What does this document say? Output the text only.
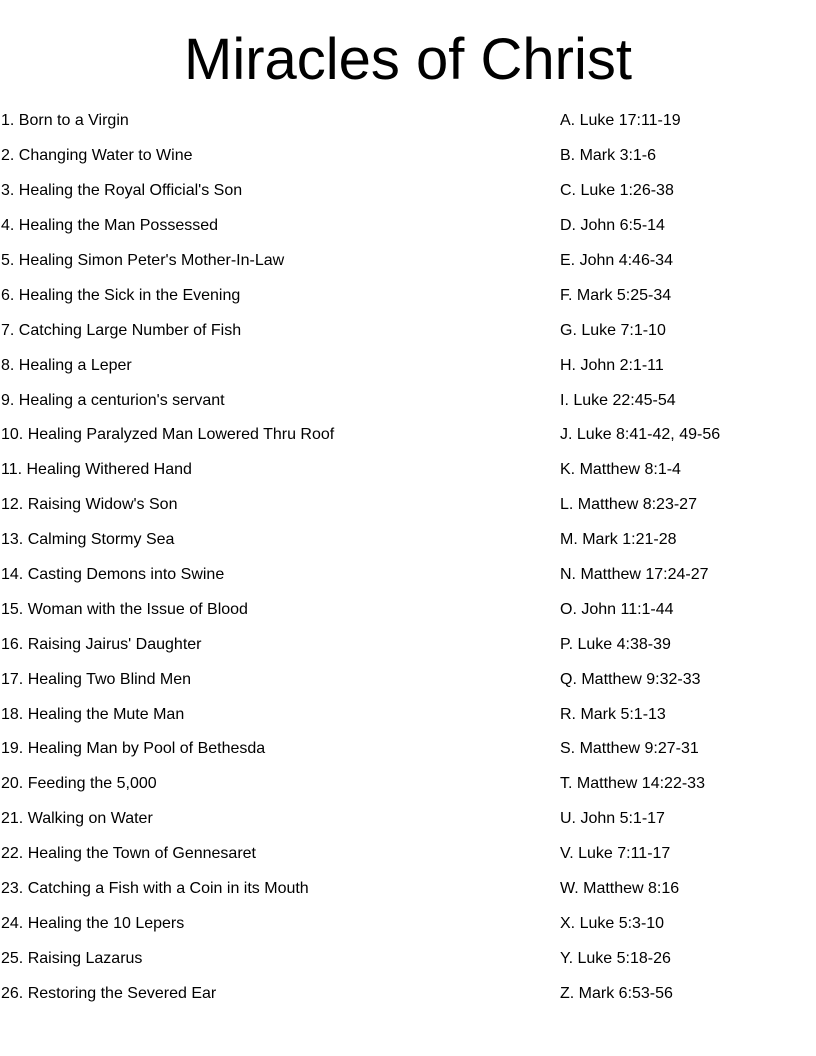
Miracles of Christ
1. Born to a Virgin	A. Luke 17:11-19
2. Changing Water to Wine	B. Mark 3:1-6
3. Healing the Royal Official's Son	C. Luke 1:26-38
4. Healing the Man Possessed	D. John 6:5-14
5. Healing Simon Peter's Mother-In-Law	E. John 4:46-34
6. Healing the Sick in the Evening	F. Mark 5:25-34
7. Catching Large Number of Fish	G. Luke 7:1-10
8. Healing a Leper	H. John 2:1-11
9. Healing a centurion's servant	I. Luke 22:45-54
10. Healing Paralyzed Man Lowered Thru Roof	J. Luke 8:41-42, 49-56
11. Healing Withered Hand	K. Matthew 8:1-4
12. Raising Widow's Son	L. Matthew 8:23-27
13. Calming Stormy Sea	M. Mark 1:21-28
14. Casting Demons into Swine	N. Matthew 17:24-27
15. Woman with the Issue of Blood	O. John 11:1-44
16. Raising Jairus' Daughter	P. Luke 4:38-39
17. Healing Two Blind Men	Q. Matthew 9:32-33
18. Healing the Mute Man	R. Mark 5:1-13
19. Healing Man by Pool of Bethesda	S. Matthew 9:27-31
20. Feeding the 5,000	T. Matthew 14:22-33
21. Walking on Water	U. John 5:1-17
22. Healing the Town of Gennesaret	V. Luke 7:11-17
23. Catching a Fish with a Coin in its Mouth	W. Matthew 8:16
24. Healing the 10 Lepers	X. Luke 5:3-10
25. Raising Lazarus	Y. Luke 5:18-26
26. Restoring the Severed Ear	Z. Mark 6:53-56
